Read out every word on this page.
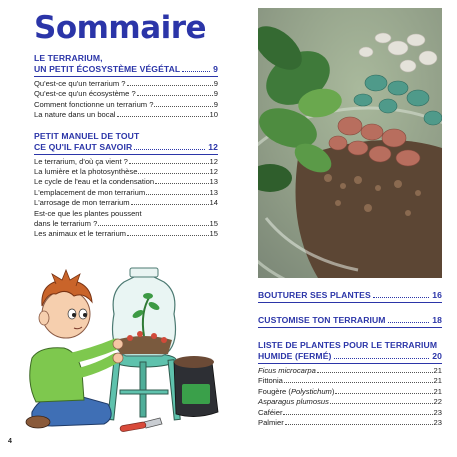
Sommaire
LE TERRARIUM,
UN PETIT ÉCOSYSTÈME VÉGÉTAL	9
Qu'est-ce qu'un terrarium ?	9
Qu'est-ce qu'un écosystème ?	9
Comment fonctionne un terrarium ?	9
La nature dans un bocal	10
PETIT MANUEL DE TOUT
CE QU'IL FAUT SAVOIR	12
Le terrarium, d'où ça vient ?	12
La lumière et la photosynthèse	12
Le cycle de l'eau et la condensation	13
L'emplacement de mon terrarium	13
L'arrosage de mon terrarium	14
Est-ce que les plantes poussent
dans le terrarium ?	15
Les animaux et le terrarium	15
BOUTURER SES PLANTES	16
CUSTOMISE TON TERRARIUM	18
LISTE DE PLANTES POUR LE TERRARIUM
HUMIDE (FERMÉ)	20
Ficus microcarpa	21
Fittonia	21
Fougère (Polystichum)	21
Asparagus plumosus	22
Caféier	23
Palmier	23
4
